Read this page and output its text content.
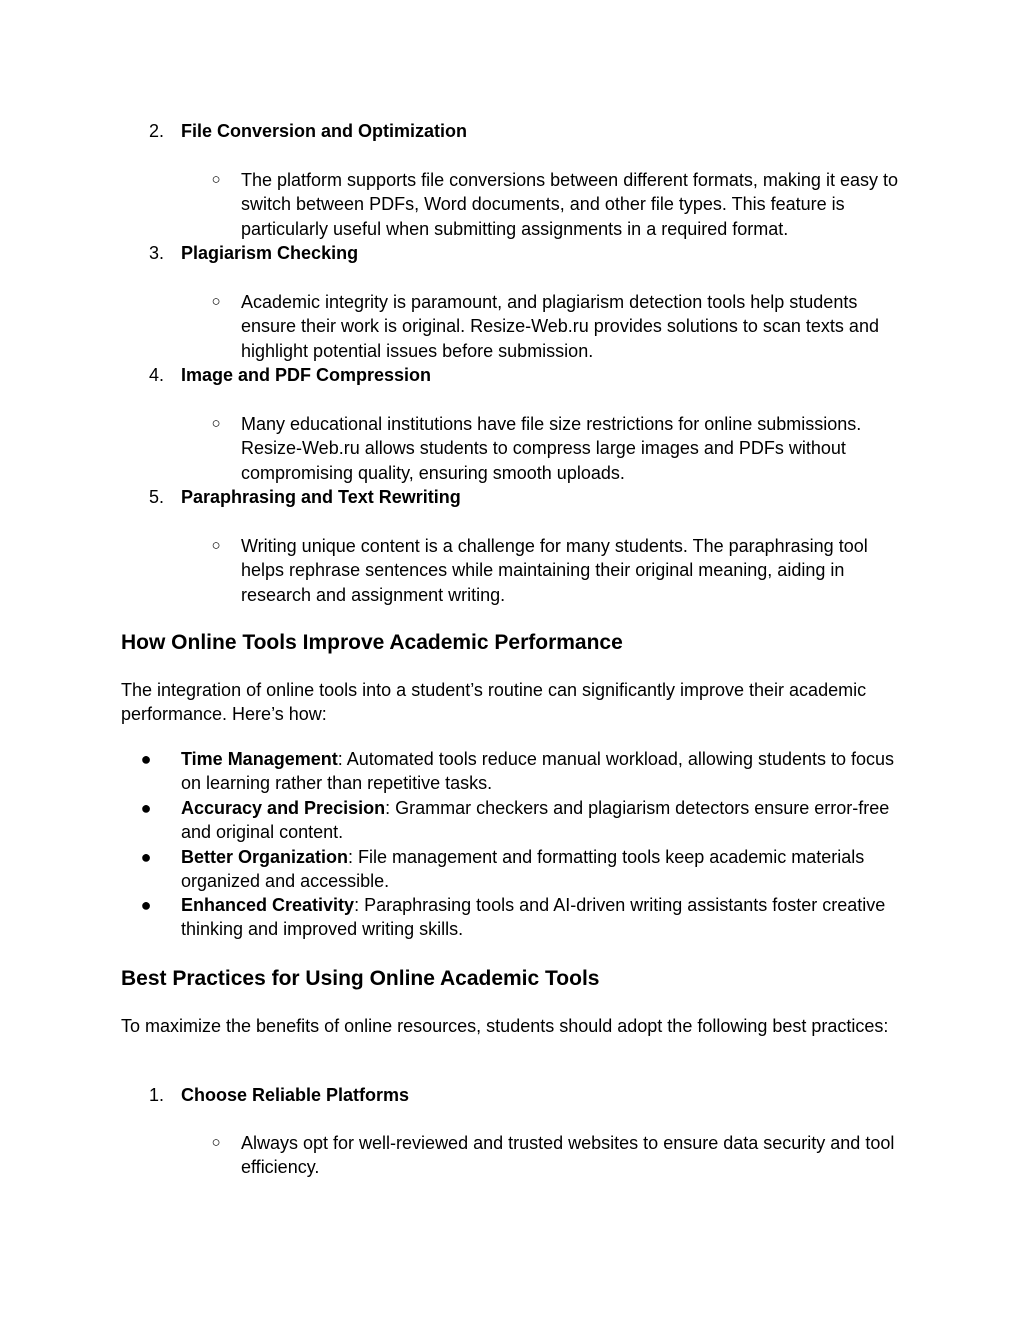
2. File Conversion and Optimization
○ The platform supports file conversions between different formats, making it easy to switch between PDFs, Word documents, and other file types. This feature is particularly useful when submitting assignments in a required format.
3. Plagiarism Checking
○ Academic integrity is paramount, and plagiarism detection tools help students ensure their work is original. Resize-Web.ru provides solutions to scan texts and highlight potential issues before submission.
4. Image and PDF Compression
○ Many educational institutions have file size restrictions for online submissions. Resize-Web.ru allows students to compress large images and PDFs without compromising quality, ensuring smooth uploads.
5. Paraphrasing and Text Rewriting
○ Writing unique content is a challenge for many students. The paraphrasing tool helps rephrase sentences while maintaining their original meaning, aiding in research and assignment writing.
How Online Tools Improve Academic Performance

The integration of online tools into a student’s routine can significantly improve their academic performance. Here’s how:

● Time Management: Automated tools reduce manual workload, allowing students to focus on learning rather than repetitive tasks.
● Accuracy and Precision: Grammar checkers and plagiarism detectors ensure error-free and original content.
● Better Organization: File management and formatting tools keep academic materials organized and accessible.
● Enhanced Creativity: Paraphrasing tools and AI-driven writing assistants foster creative thinking and improved writing skills.
Best Practices for Using Online Academic Tools

To maximize the benefits of online resources, students should adopt the following best practices:

1. Choose Reliable Platforms
○ Always opt for well-reviewed and trusted websites to ensure data security and tool efficiency.
